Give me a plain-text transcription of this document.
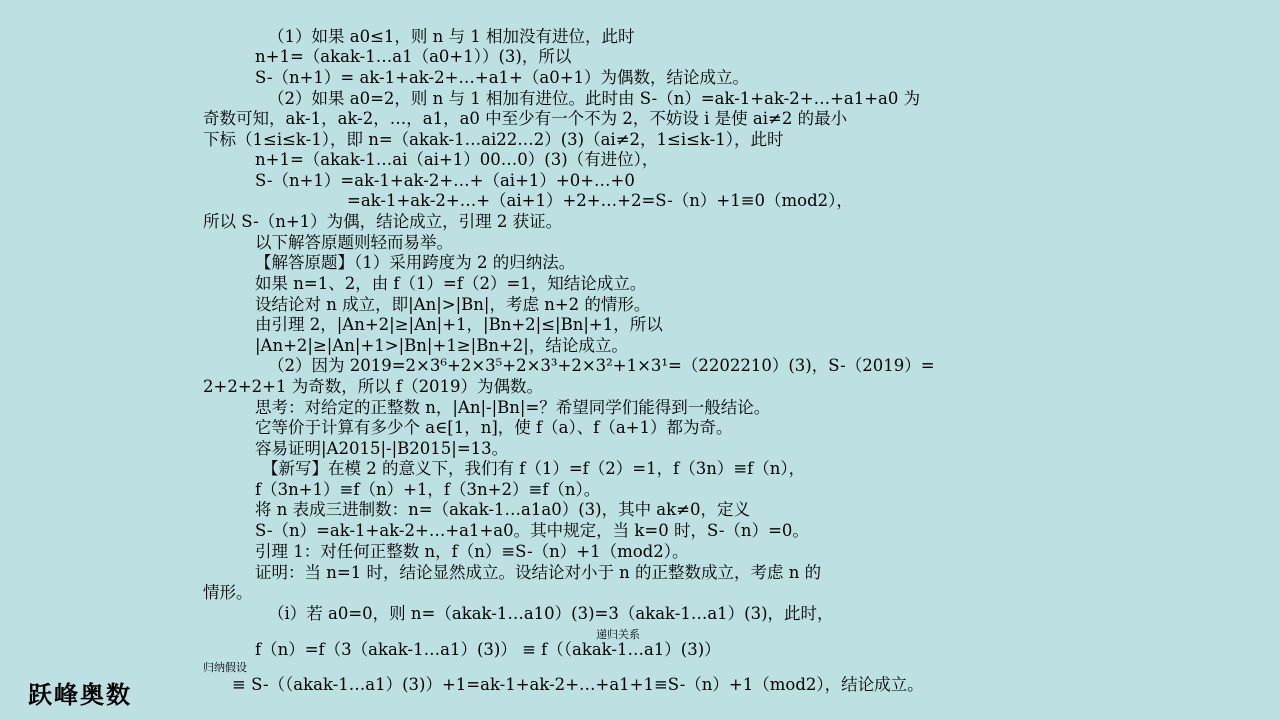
（1）如果 a0≤1，则 n 与 1 相加没有进位，此时
n+1=（akak-1…a1（a0+1））(3)，所以
S-（n+1）= ak-1+ak-2+…+a1+（a0+1）为偶数，结论成立。
（2）如果 a0=2，则 n 与 1 相加有进位。此时由 S-（n）=ak-1+ak-2+…+a1+a0 为
奇数可知，ak-1，ak-2，…，a1，a0 中至少有一个不为 2，不妨设 i 是使 ai≠2 的最小
下标（1≤i≤k-1），即 n=（akak-1…ai22…2）(3)（ai≠2，1≤i≤k-1），此时
n+1=（akak-1…ai（ai+1）00…0）(3)（有进位），
S-（n+1）=ak-1+ak-2+…+（ai+1）+0+…+0
=ak-1+ak-2+…+（ai+1）+2+…+2=S-（n）+1≡0（mod2），
所以 S-（n+1）为偶，结论成立，引理 2 获证。
以下解答原题则轻而易举。
【解答原题】（1）采用跨度为 2 的归纳法。
如果 n=1、2，由 f（1）=f（2）=1，知结论成立。
设结论对 n 成立，即|An|>|Bn|，考虑 n+2 的情形。
由引理 2，|An+2|≥|An|+1，|Bn+2|≤|Bn|+1，所以
|An+2|≥|An|+1>|Bn|+1≥|Bn+2|，结论成立。
（2）因为 2019=2×3⁶+2×3⁵+2×3³+2×3²+1×3¹=（2202210）(3)，S-（2019）=
2+2+2+1 为奇数，所以 f（2019）为偶数。
思考：对给定的正整数 n，|An|-|Bn|=？希望同学们能得到一般结论。
它等价于计算有多少个 a∈[1，n]，使 f（a）、f（a+1）都为奇。
容易证明|A2015|-|B2015|=13。
【新写】在模 2 的意义下，我们有 f（1）=f（2）=1，f（3n）≡f（n），
f（3n+1）≡f（n）+1，f（3n+2）≡f（n）。
将 n 表成三进制数：n=（akak-1…a1a0）(3)，其中 ak≠0，定义
S-（n）=ak-1+ak-2+…+a1+a0。其中规定，当 k=0 时，S-（n）=0。
引理 1：对任何正整数 n，f（n）≡S-（n）+1（mod2）。
证明：当 n=1 时，结论显然成立。设结论对小于 n 的正整数成立，考虑 n 的
情形。
（i）若 a0=0，则 n=（akak-1…a10）(3)=3（akak-1…a1）(3)，此时，
递归关系
f（n）=f（3（akak-1…a1）(3)） ≡ f（（akak-1…a1）(3)）
归纳假设
≡ S-（（akak-1…a1）(3)）+1=ak-1+ak-2+…+a1+1≡S-（n）+1（mod2），结论成立。
跃峰奥数
